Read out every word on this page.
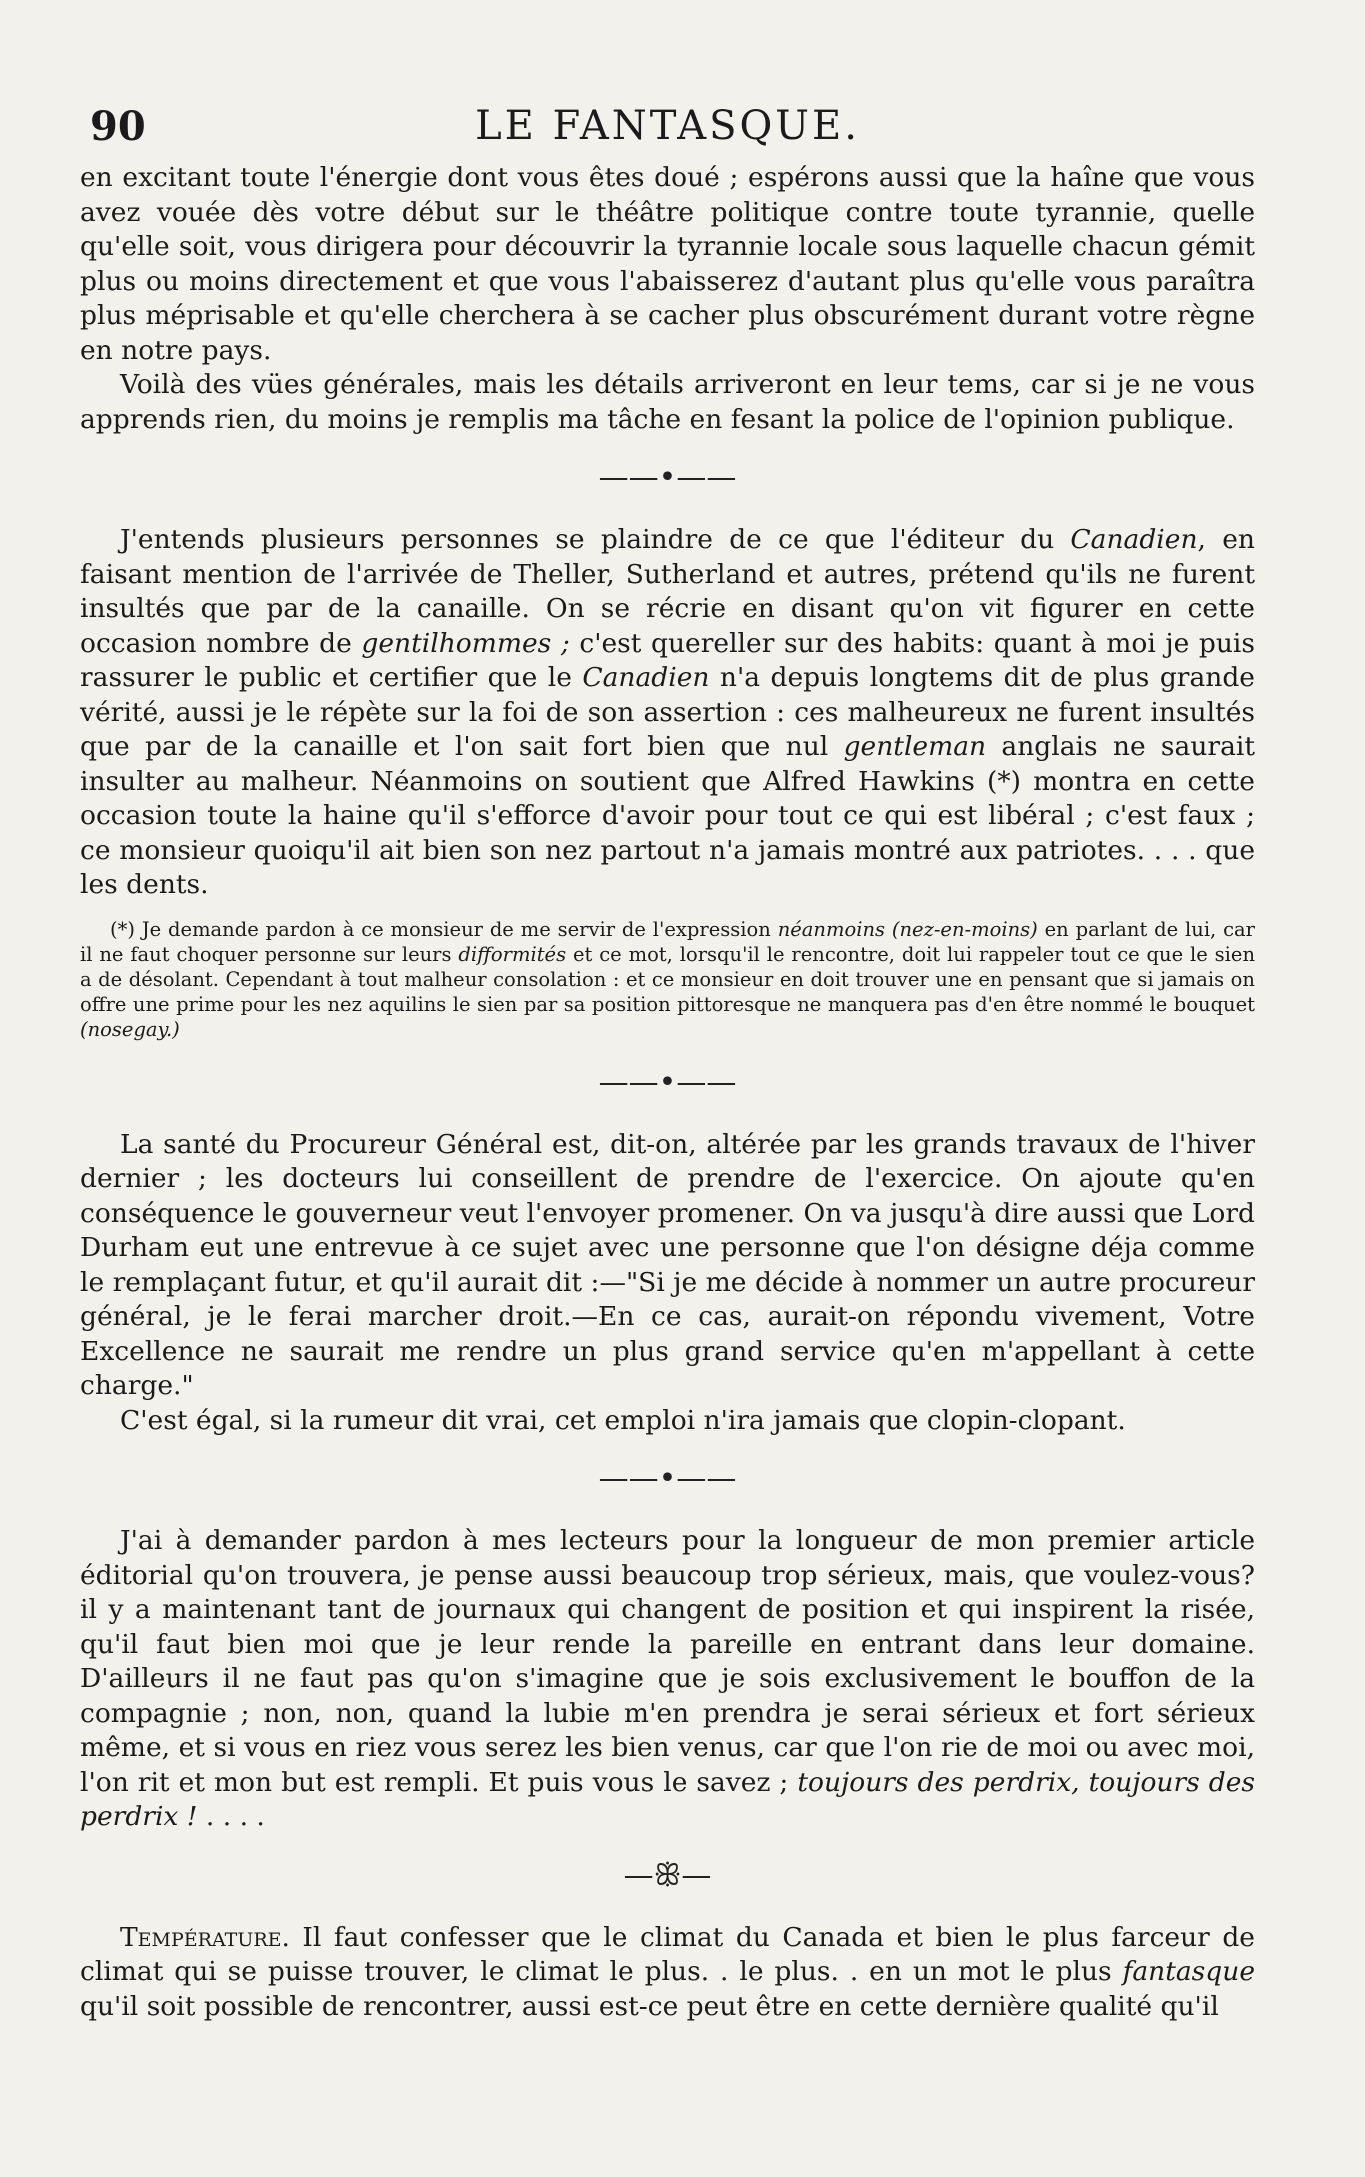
90	LE FANTASQUE.

en excitant toute l'énergie dont vous êtes doué ; espérons aussi que la haîne que vous avez vouée dès votre début sur le théâtre politique contre toute tyrannie, quelle qu'elle soit, vous dirigera pour découvrir la tyrannie locale sous laquelle chacun gémit plus ou moins directement et que vous l'abaisserez d'autant plus qu'elle vous paraîtra plus méprisable et qu'elle cherchera à se cacher plus obscurément durant votre règne en notre pays.

Voilà des vües générales, mais les détails arriveront en leur tems, car si je ne vous apprends rien, du moins je remplis ma tâche en fesant la police de l'opinion publique.

——•——

J'entends plusieurs personnes se plaindre de ce que l'éditeur du Canadien, en faisant mention de l'arrivée de Theller, Sutherland et autres, prétend qu'ils ne furent insultés que par de la canaille. On se récrie en disant qu'on vit figurer en cette occasion nombre de gentilhommes ; c'est quereller sur des habits: quant à moi je puis rassurer le public et certifier que le Canadien n'a depuis longtems dit de plus grande vérité, aussi je le répète sur la foi de son assertion : ces malheureux ne furent insultés que par de la canaille et l'on sait fort bien que nul gentleman anglais ne saurait insulter au malheur. Néanmoins on soutient que Alfred Hawkins (*) montra en cette occasion toute la haine qu'il s'efforce d'avoir pour tout ce qui est libéral ; c'est faux ; ce monsieur quoiqu'il ait bien son nez partout n'a jamais montré aux patriotes. . . . que les dents.

(*) Je demande pardon à ce monsieur de me servir de l'expression néanmoins (nez-en-moins) en parlant de lui, car il ne faut choquer personne sur leurs difformités et ce mot, lorsqu'il le rencontre, doit lui rappeler tout ce que le sien a de désolant. Cependant à tout malheur consolation : et ce monsieur en doit trouver une en pensant que si jamais on offre une prime pour les nez aquilins le sien par sa position pittoresque ne manquera pas d'en être nommé le bouquet (nosegay.)

——•——

La santé du Procureur Général est, dit-on, altérée par les grands travaux de l'hiver dernier ; les docteurs lui conseillent de prendre de l'exercice. On ajoute qu'en conséquence le gouverneur veut l'envoyer promener. On va jusqu'à dire aussi que Lord Durham eut une entrevue à ce sujet avec une personne que l'on désigne déja comme le remplaçant futur, et qu'il aurait dit :—"Si je me décide à nommer un autre procureur général, je le ferai marcher droit.—En ce cas, aurait-on répondu vivement, Votre Excellence ne saurait me rendre un plus grand service qu'en m'appellant à cette charge."

C'est égal, si la rumeur dit vrai, cet emploi n'ira jamais que clopin-clopant.

——•——

J'ai à demander pardon à mes lecteurs pour la longueur de mon premier article éditorial qu'on trouvera, je pense aussi beaucoup trop sérieux, mais, que voulez-vous? il y a maintenant tant de journaux qui changent de position et qui inspirent la risée, qu'il faut bien moi que je leur rende la pareille en entrant dans leur domaine. D'ailleurs il ne faut pas qu'on s'imagine que je sois exclusivement le bouffon de la compagnie ; non, non, quand la lubie m'en prendra je serai sérieux et fort sérieux même, et si vous en riez vous serez les bien venus, car que l'on rie de moi ou avec moi, l'on rit et mon but est rempli. Et puis vous le savez ; toujours des perdrix, toujours des perdrix ! . . . .

—ꕥ—

Température. Il faut confesser que le climat du Canada et bien le plus farceur de climat qui se puisse trouver, le climat le plus. . le plus. . en un mot le plus fantasque qu'il soit possible de rencontrer, aussi est-ce peut être en cette dernière qualité qu'il
